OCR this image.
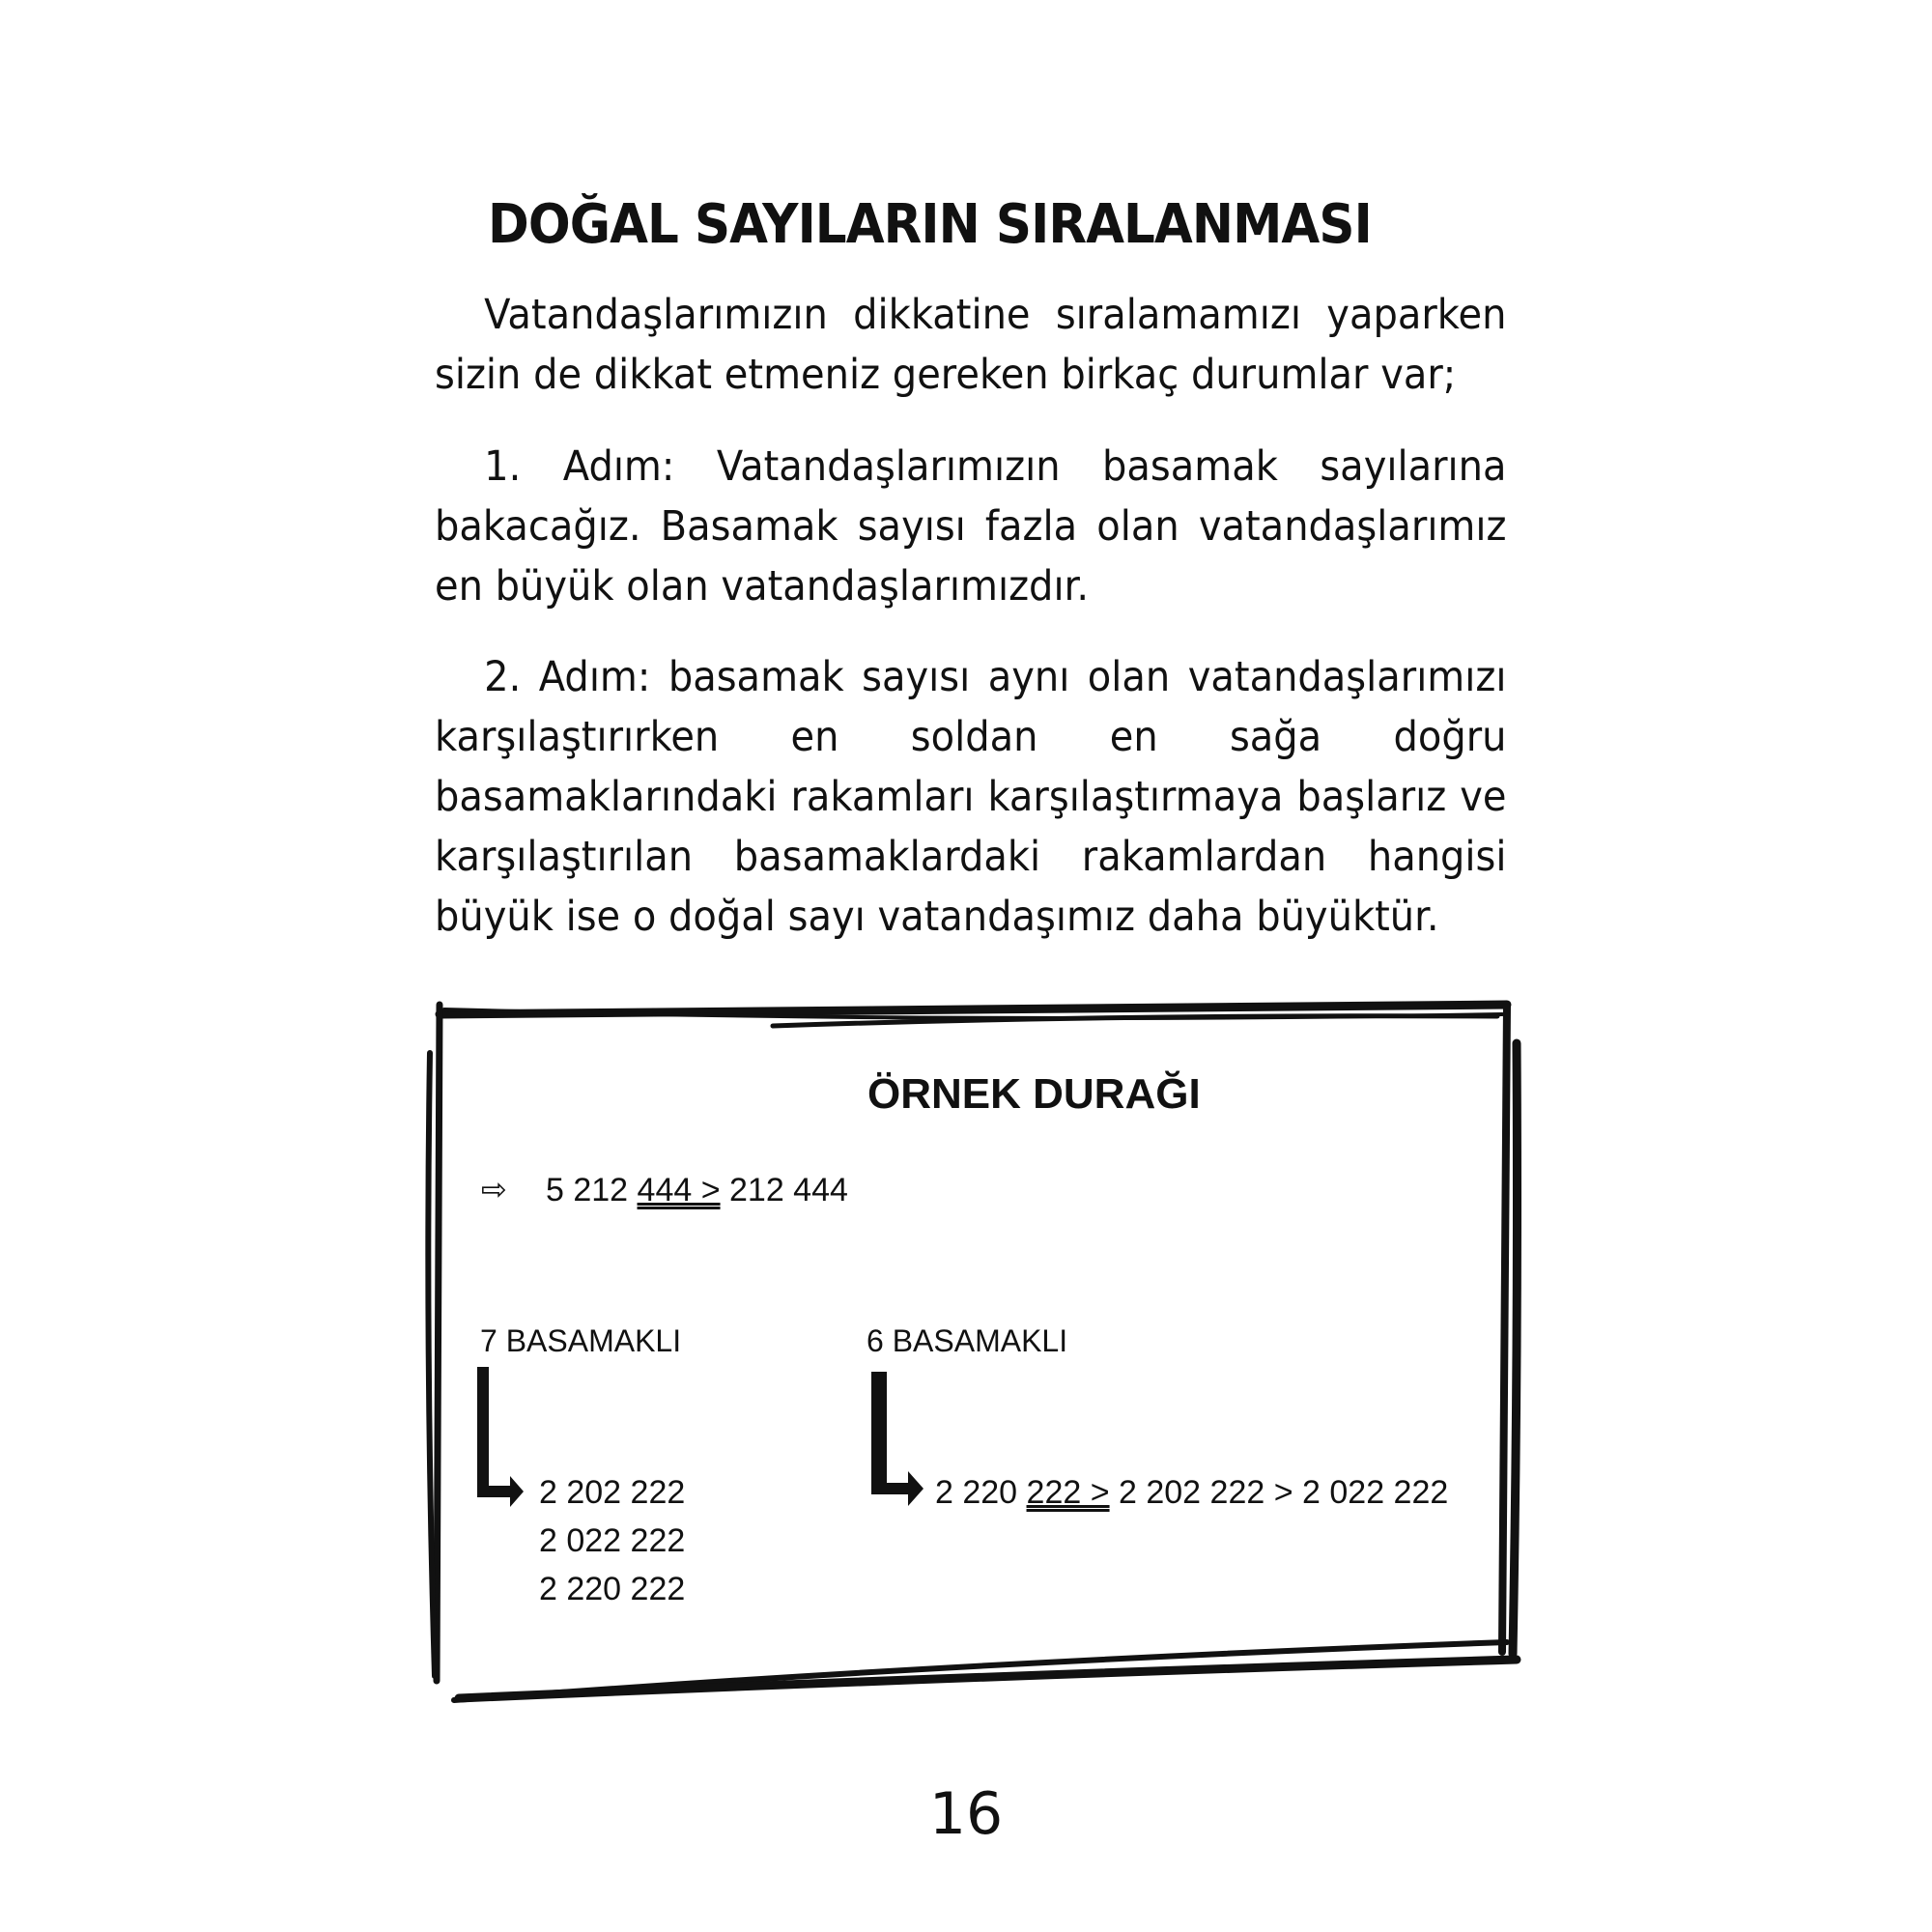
DOĞAL SAYILARIN SIRALANMASI

Vatandaşlarımızın dikkatine sıralamamızı yaparken sizin de dikkat etmeniz gereken birkaç durumlar var;

1. Adım: Vatandaşlarımızın basamak sayılarına bakacağız. Basamak sayısı fazla olan vatandaşlarımız en büyük olan vatandaşlarımızdır.

2. Adım: basamak sayısı aynı olan vatandaşlarımızı karşılaştırırken en soldan en sağa doğru basamaklarındaki rakamları karşılaştırmaya başlarız ve karşılaştırılan basamaklardaki rakamlardan hangisi büyük ise o doğal sayı vatandaşımız daha büyüktür.

ÖRNEK DURAĞI
⇨ 5 212 444 > 212 444
7 BASAMAKLI	6 BASAMAKLI
2 202 222
2 022 222
2 220 222
2 220 222 > 2 202 222 > 2 022 222
16
